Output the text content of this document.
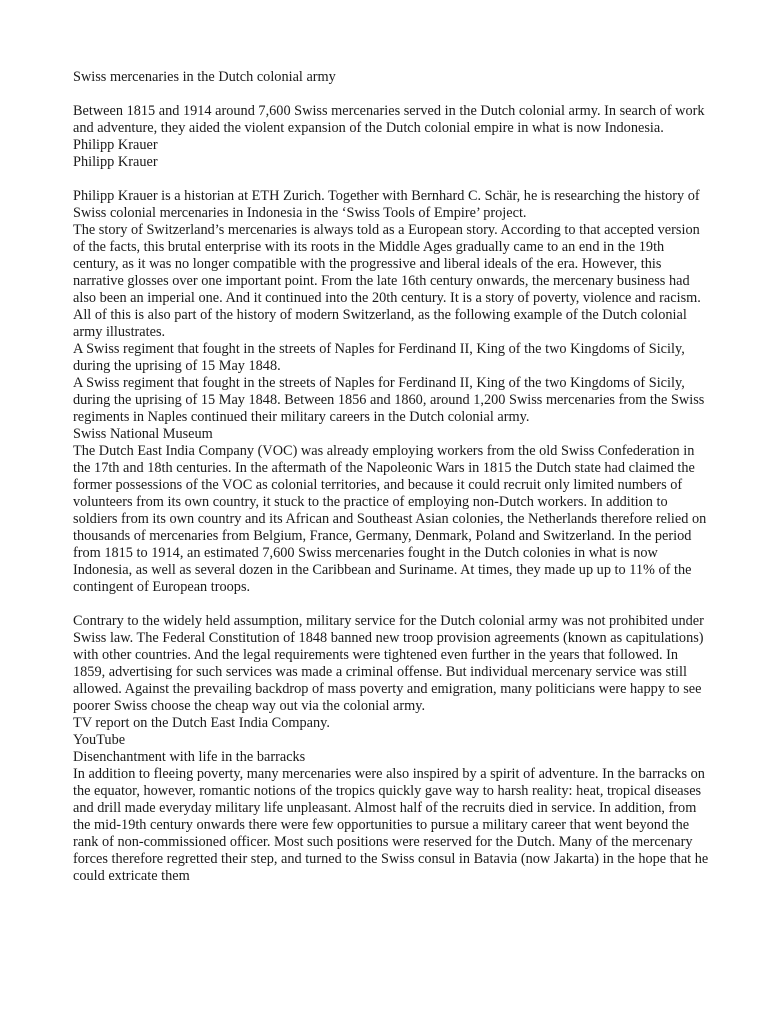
Swiss mercenaries in the Dutch colonial army
Between 1815 and 1914 around 7,600 Swiss mercenaries served in the Dutch colonial army. In search of work and adventure, they aided the violent expansion of the Dutch colonial empire in what is now Indonesia.
Philipp Krauer
Philipp Krauer
Philipp Krauer is a historian at ETH Zurich. Together with Bernhard C. Schär, he is researching the history of Swiss colonial mercenaries in Indonesia in the ‘Swiss Tools of Empire’ project.
The story of Switzerland’s mercenaries is always told as a European story. According to that accepted version of the facts, this brutal enterprise with its roots in the Middle Ages gradually came to an end in the 19th century, as it was no longer compatible with the progressive and liberal ideals of the era. However, this narrative glosses over one important point. From the late 16th century onwards, the mercenary business had also been an imperial one. And it continued into the 20th century. It is a story of poverty, violence and racism. All of this is also part of the history of modern Switzerland, as the following example of the Dutch colonial army illustrates.
A Swiss regiment that fought in the streets of Naples for Ferdinand II, King of the two Kingdoms of Sicily, during the uprising of 15 May 1848.
A Swiss regiment that fought in the streets of Naples for Ferdinand II, King of the two Kingdoms of Sicily, during the uprising of 15 May 1848. Between 1856 and 1860, around 1,200 Swiss mercenaries from the Swiss regiments in Naples continued their military careers in the Dutch colonial army.
Swiss National Museum
The Dutch East India Company (VOC) was already employing workers from the old Swiss Confederation in the 17th and 18th centuries. In the aftermath of the Napoleonic Wars in 1815 the Dutch state had claimed the former possessions of the VOC as colonial territories, and because it could recruit only limited numbers of volunteers from its own country, it stuck to the practice of employing non-Dutch workers. In addition to soldiers from its own country and its African and Southeast Asian colonies, the Netherlands therefore relied on thousands of mercenaries from Belgium, France, Germany, Denmark, Poland and Switzerland. In the period from 1815 to 1914, an estimated 7,600 Swiss mercenaries fought in the Dutch colonies in what is now Indonesia, as well as several dozen in the Caribbean and Suriname. At times, they made up up to 11% of the contingent of European troops.
Contrary to the widely held assumption, military service for the Dutch colonial army was not prohibited under Swiss law. The Federal Constitution of 1848 banned new troop provision agreements (known as capitulations) with other countries. And the legal requirements were tightened even further in the years that followed. In 1859, advertising for such services was made a criminal offense. But individual mercenary service was still allowed. Against the prevailing backdrop of mass poverty and emigration, many politicians were happy to see poorer Swiss choose the cheap way out via the colonial army.
TV report on the Dutch East India Company.
YouTube
Disenchantment with life in the barracks
In addition to fleeing poverty, many mercenaries were also inspired by a spirit of adventure. In the barracks on the equator, however, romantic notions of the tropics quickly gave way to harsh reality: heat, tropical diseases and drill made everyday military life unpleasant. Almost half of the recruits died in service. In addition, from the mid-19th century onwards there were few opportunities to pursue a military career that went beyond the rank of non-commissioned officer. Most such positions were reserved for the Dutch. Many of the mercenary forces therefore regretted their step, and turned to the Swiss consul in Batavia (now Jakarta) in the hope that he could extricate them
